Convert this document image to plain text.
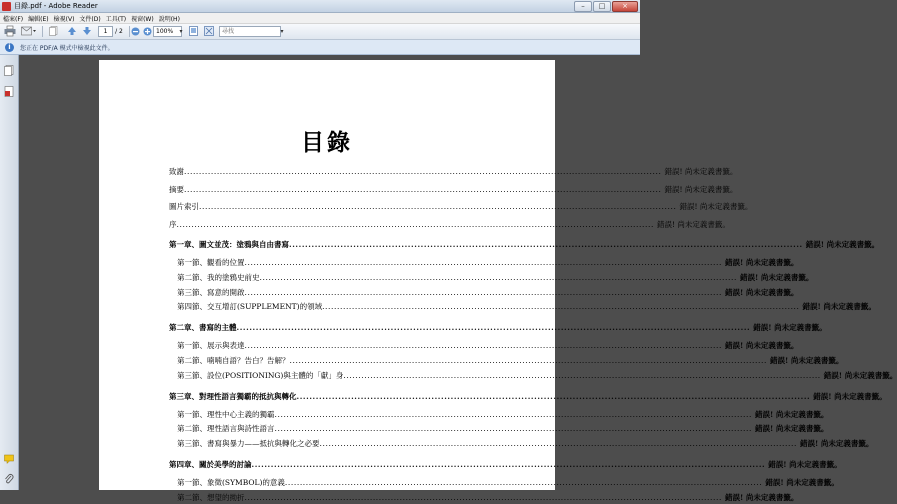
目錄.pdf - Adobe Reader	–	□	×
檔案(F) 編輯(E) 檢視(V) 文件(D) 工具(T) 視窗(W) 說明(H)
1	/ 2	100%	▾	尋找	▾
i	您正在 PDF/A 模式中檢視此文件。
目錄
致謝 ................................................................................................................................................................ 錯誤! 尚未定義書籤。
摘要 ................................................................................................................................................................ 錯誤! 尚未定義書籤。
圖片索引 ................................................................................................................................................................ 錯誤! 尚未定義書籤。
序 ................................................................................................................................................................ 錯誤! 尚未定義書籤。
第一章、圖文並茂：塗鴉與自由書寫 ................................................................................................................................................................ 錯誤! 尚未定義書籤。
第一節、觀看的位置 ................................................................................................................................................................ 錯誤! 尚未定義書籤。
第二節、我的塗鴉史前史 ................................................................................................................................................................ 錯誤! 尚未定義書籤。
第三節、寫意的開啟 ................................................................................................................................................................ 錯誤! 尚未定義書籤。
第四節、交互增訂(SUPPLEMENT)的領域 ................................................................................................................................................................ 錯誤! 尚未定義書籤。
第二章、書寫的主體 ................................................................................................................................................................ 錯誤! 尚未定義書籤。
第一節、展示與表達 ................................................................................................................................................................ 錯誤! 尚未定義書籤。
第二節、喃喃自語？告白？告解？ ................................................................................................................................................................ 錯誤! 尚未定義書籤。
第三節、設位(POSITIONING)與主體的「獻」身 ................................................................................................................................................................ 錯誤! 尚未定義書籤。
第三章、對理性語言獨霸的抵抗與轉化 ................................................................................................................................................................ 錯誤! 尚未定義書籤。
第一節、理性中心主義的獨霸 ................................................................................................................................................................ 錯誤! 尚未定義書籤。
第二節、理性語言與詩性語言 ................................................................................................................................................................ 錯誤! 尚未定義書籤。
第三節、書寫與暴力——抵抗與轉化之必要 ................................................................................................................................................................ 錯誤! 尚未定義書籤。
第四章、關於美學的討論 ................................................................................................................................................................ 錯誤! 尚未定義書籤。
第一節、象徵(SYMBOL)的意義 ................................................................................................................................................................ 錯誤! 尚未定義書籤。
第二節、想望的拗折 ................................................................................................................................................................ 錯誤! 尚未定義書籤。
